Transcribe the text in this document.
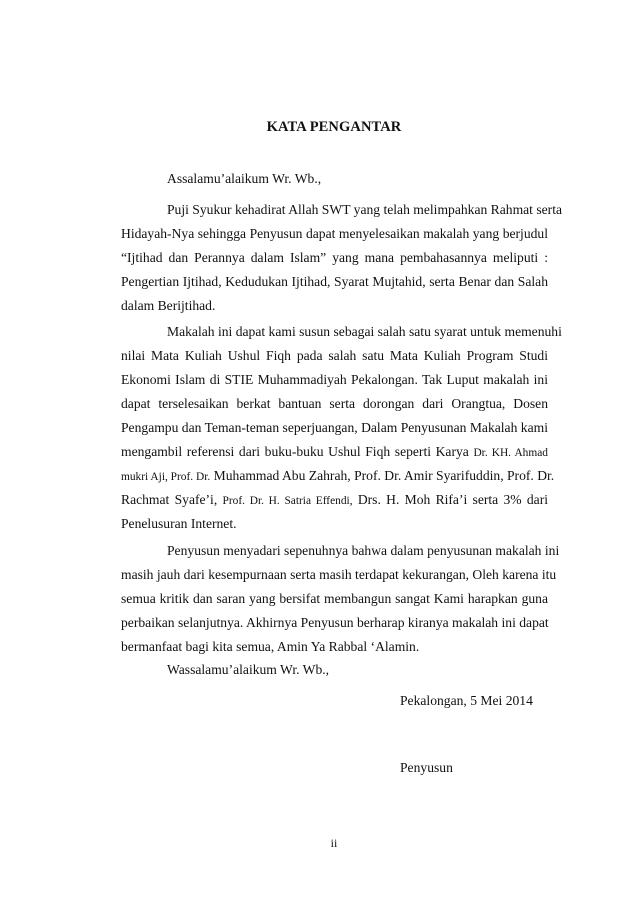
KATA PENGANTAR
Assalamu’alaikum Wr. Wb.,
Puji Syukur kehadirat Allah SWT yang telah melimpahkan Rahmat serta
Hidayah-Nya sehingga Penyusun dapat menyelesaikan makalah yang berjudul
“Ijtihad dan Perannya dalam Islam” yang mana pembahasannya meliputi :
Pengertian Ijtihad, Kedudukan Ijtihad, Syarat Mujtahid, serta Benar dan Salah
dalam Berijtihad.
Makalah ini dapat kami susun sebagai salah satu syarat untuk memenuhi
nilai Mata Kuliah Ushul Fiqh pada salah satu Mata Kuliah Program Studi
Ekonomi Islam di STIE Muhammadiyah Pekalongan. Tak Luput makalah ini
dapat terselesaikan berkat bantuan serta dorongan dari Orangtua, Dosen
Pengampu dan Teman-teman seperjuangan, Dalam Penyusunan Makalah kami
mengambil referensi dari buku-buku Ushul Fiqh seperti Karya Dr. KH. Ahmad
mukri Aji, Prof. Dr. Muhammad Abu Zahrah, Prof. Dr. Amir Syarifuddin, Prof. Dr.
Rachmat Syafe’i, Prof. Dr. H. Satria Effendi, Drs. H. Moh Rifa’i serta 3% dari
Penelusuran Internet.
Penyusun menyadari sepenuhnya bahwa dalam penyusunan makalah ini
masih jauh dari kesempurnaan serta masih terdapat kekurangan, Oleh karena itu
semua kritik dan saran yang bersifat membangun sangat Kami harapkan guna
perbaikan selanjutnya. Akhirnya Penyusun berharap kiranya makalah ini dapat
bermanfaat bagi kita semua, Amin Ya Rabbal ‘Alamin.
Wassalamu’alaikum Wr. Wb.,
Pekalongan, 5 Mei 2014
Penyusun
ii
